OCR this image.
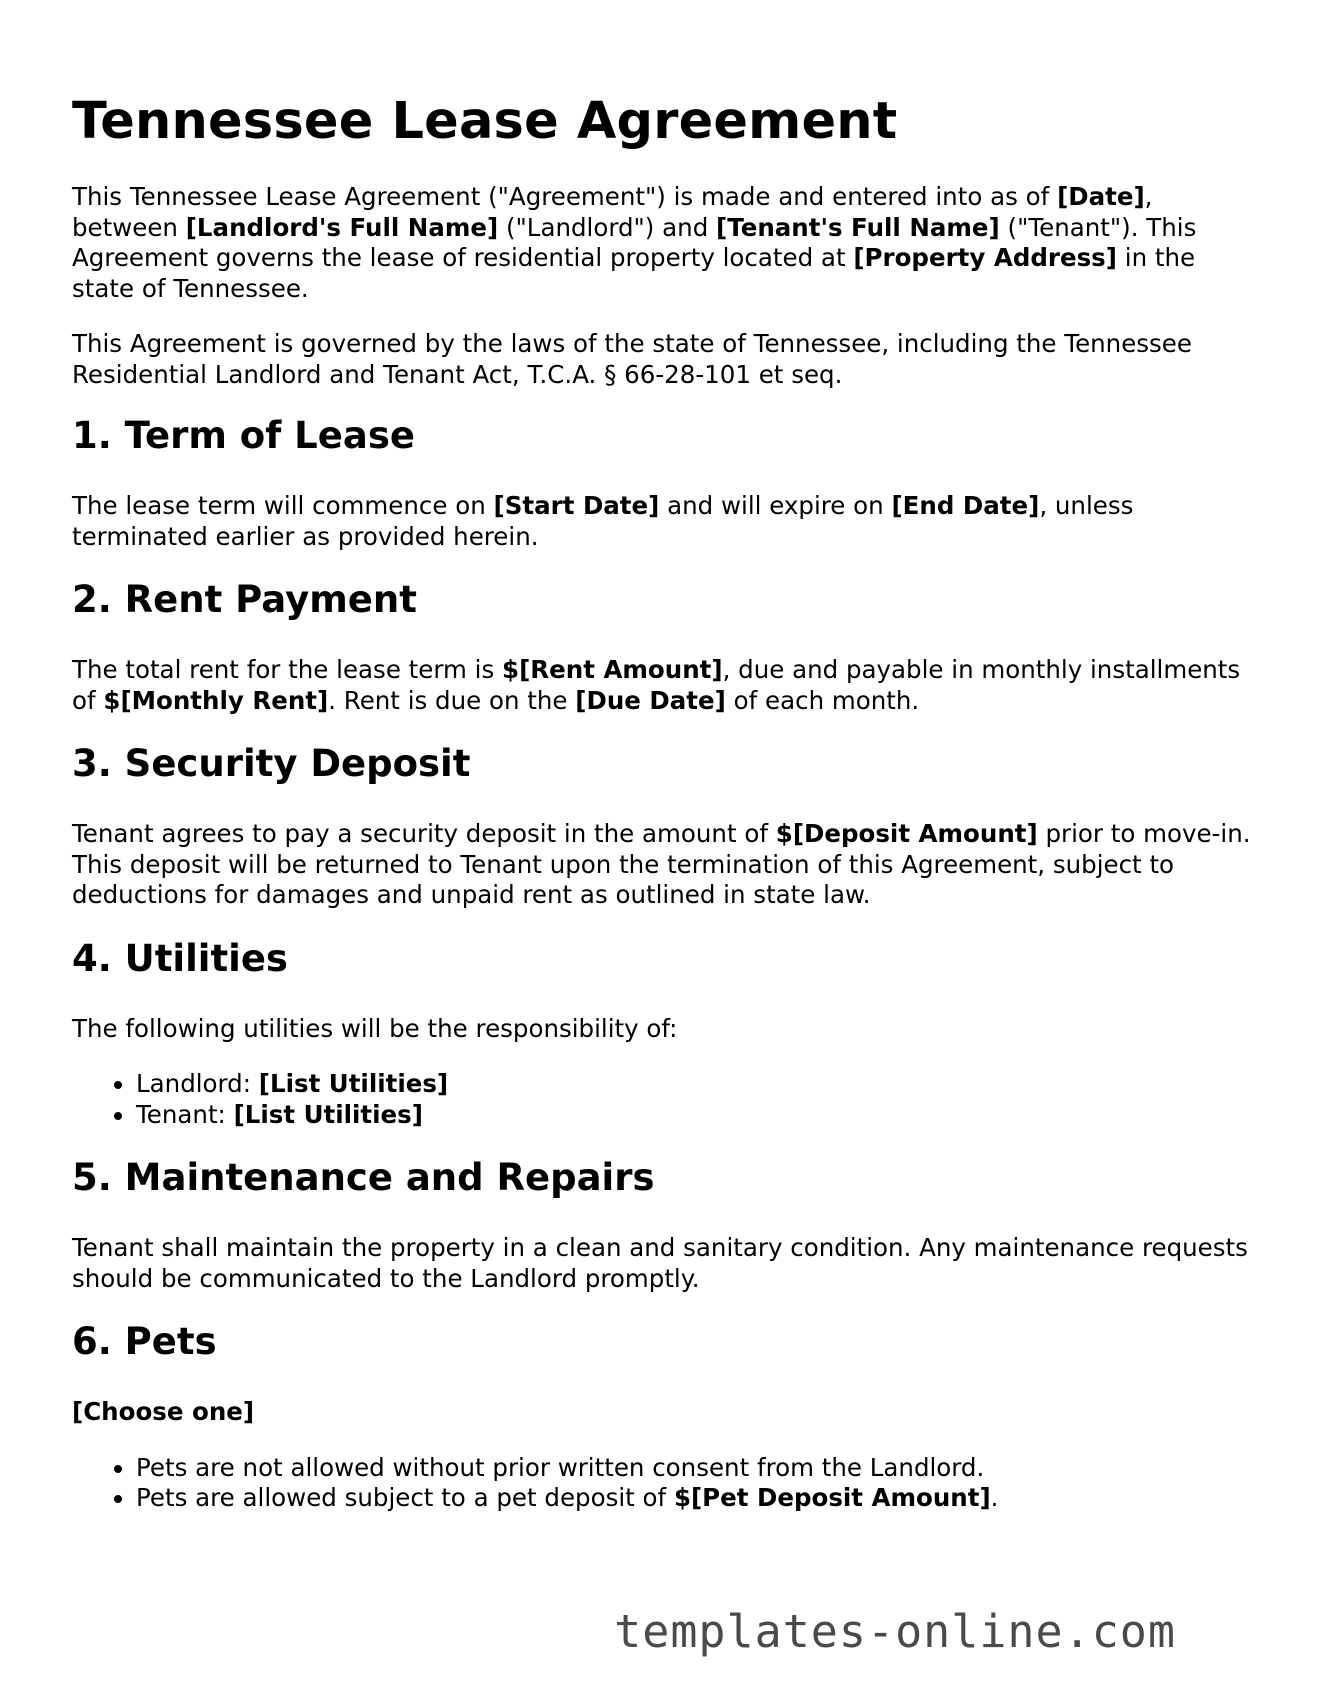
Tennessee Lease Agreement

This Tennessee Lease Agreement ("Agreement") is made and entered into as of [Date], between [Landlord's Full Name] ("Landlord") and [Tenant's Full Name] ("Tenant"). This Agreement governs the lease of residential property located at [Property Address] in the state of Tennessee.

This Agreement is governed by the laws of the state of Tennessee, including the Tennessee Residential Landlord and Tenant Act, T.C.A. § 66-28-101 et seq.

1. Term of Lease

The lease term will commence on [Start Date] and will expire on [End Date], unless terminated earlier as provided herein.

2. Rent Payment

The total rent for the lease term is $[Rent Amount], due and payable in monthly installments of $[Monthly Rent]. Rent is due on the [Due Date] of each month.

3. Security Deposit

Tenant agrees to pay a security deposit in the amount of $[Deposit Amount] prior to move-in. This deposit will be returned to Tenant upon the termination of this Agreement, subject to deductions for damages and unpaid rent as outlined in state law.

4. Utilities

The following utilities will be the responsibility of:

• Landlord: [List Utilities]
• Tenant: [List Utilities]
5. Maintenance and Repairs

Tenant shall maintain the property in a clean and sanitary condition. Any maintenance requests should be communicated to the Landlord promptly.

6. Pets

[Choose one]

• Pets are not allowed without prior written consent from the Landlord.
• Pets are allowed subject to a pet deposit of $[Pet Deposit Amount].
templates-online.com
